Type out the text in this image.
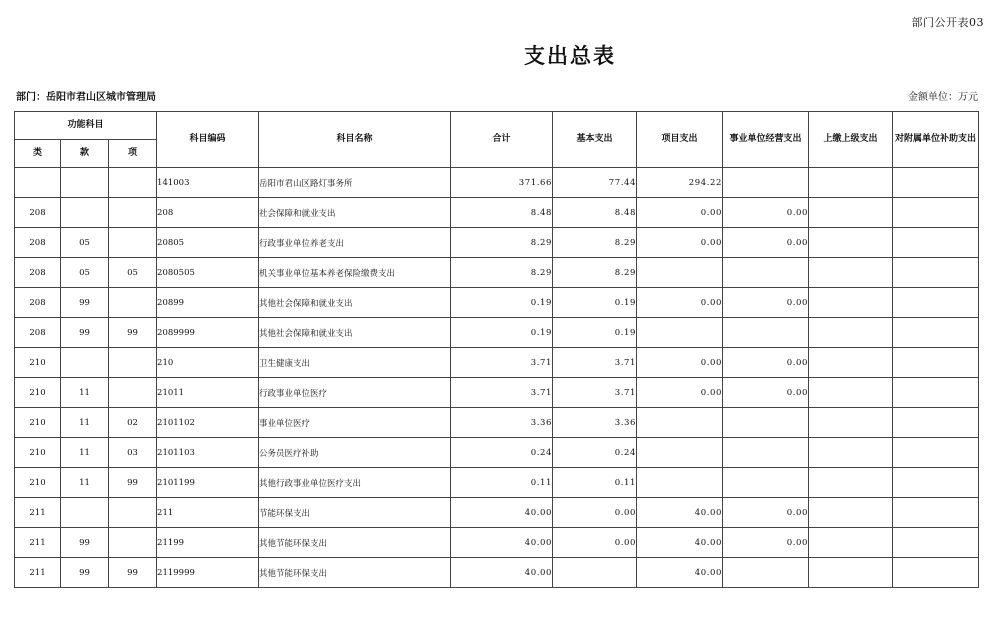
部门公开表03
支出总表
部门：岳阳市君山区城市管理局	金额单位：万元
功能科目			科目编码	科目名称	合计	基本支出	项目支出	事业单位经营支出	上缴上级支出	对附属单位补助支出
类	款	项								
			141003	岳阳市君山区路灯事务所	371.66	77.44	294.22			
208			208	社会保障和就业支出	8.48	8.48	0.00	0.00		
208	05		20805	行政事业单位养老支出	8.29	8.29	0.00	0.00		
208	05	05	2080505	机关事业单位基本养老保险缴费支出	8.29	8.29				
208	99		20899	其他社会保障和就业支出	0.19	0.19	0.00	0.00		
208	99	99	2089999	其他社会保障和就业支出	0.19	0.19				
210			210	卫生健康支出	3.71	3.71	0.00	0.00		
210	11		21011	行政事业单位医疗	3.71	3.71	0.00	0.00		
210	11	02	2101102	事业单位医疗	3.36	3.36				
210	11	03	2101103	公务员医疗补助	0.24	0.24				
210	11	99	2101199	其他行政事业单位医疗支出	0.11	0.11				
211			211	节能环保支出	40.00	0.00	40.00	0.00		
211	99		21199	其他节能环保支出	40.00	0.00	40.00	0.00		
211	99	99	2119999	其他节能环保支出	40.00		40.00			
